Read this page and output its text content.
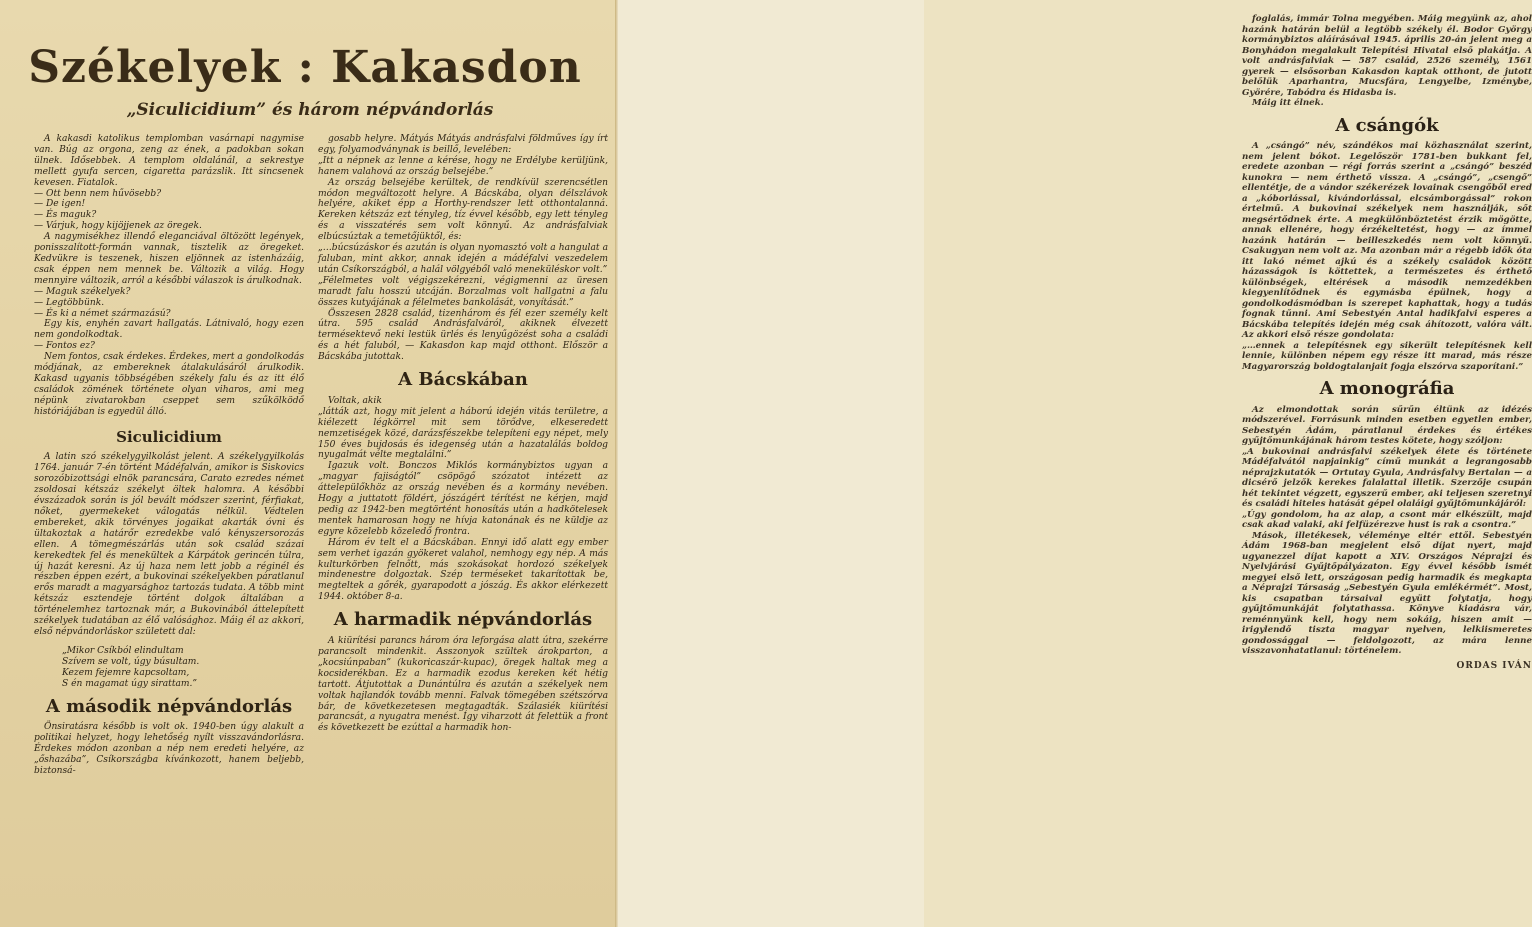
Székelyek : Kakasdon
„Siculicidium” és három népvándorlás

A kakasdi katolikus templomban vasárnapi nagymise van. Búg az orgona, zeng az ének, a padokban sokan ülnek. Idősebbek. A templom oldalánál, a sekrestye mellett gyufa sercen, cigaretta parázslik. Itt sincsenek kevesen. Fiatalok.

— Ott benn nem hűvösebb?

— De igen!

— És maguk?

— Várjuk, hogy kijöjjenek az öregek.

A nagymisékhez illendő eleganciával öltözött legények, ponisszalított-formán vannak, tisztelik az öregeket. Kedvükre is teszenek, hiszen eljönnek az istenházáig, csak éppen nem mennek be. Változik a világ. Hogy mennyire változik, arról a későbbi válaszok is árulkodnak.

— Maguk székelyek?

— Legtöbbünk.

— És ki a német származású?

Egy kis, enyhén zavart hallgatás. Látnivaló, hogy ezen nem gondolkodtak.

— Fontos ez?

Nem fontos, csak érdekes. Érdekes, mert a gondolkodás módjának, az embereknek átalakulásáról árulkodik. Kakasd ugyanis többségében székely falu és az itt élő családok zömének története olyan viharos, ami meg népünk zivatarokban cseppet sem szűkölködő históriájában is egyedül álló.

Siculicidium

A latin szó székelygyilkolást jelent. A székelygyilkolás 1764. január 7-én történt Mádéfalván, amikor is Siskovics sorozóbizottsági elnök parancsára, Carato ezredes német zsoldosai kétszáz székelyt öltek halomra. A későbbi évszázadok során is jól bevált módszer szerint, férfiakat, nőket, gyermekeket válogatás nélkül. Védtelen embereket, akik törvényes jogaikat akarták óvni és ültakoztak a határőr ezredekbe való kényszersorozás ellen. A tömegmészárlás után sok család százai kerekedtek fel és menekültek a Kárpátok gerincén túlra, új hazát keresni. Az új haza nem lett jobb a réginél és részben éppen ezért, a bukovinai székelyekben páratlanul erős maradt a magyarsághoz tartozás tudata. A több mint kétszáz esztendeje történt dolgok általában a történelemhez tartoznak már, a Bukovinából áttelepített székelyek tudatában az élő valósághoz. Máig él az akkori, első népvándorláskor született dal:

„Mikor Csíkból elindultam
Szívem se volt, úgy búsultam.
Kezem fejemre kapcsoltam,
S én magamat úgy sirattam.”
A második népvándorlás

Önsiratásra később is volt ok. 1940-ben úgy alakult a politikai helyzet, hogy lehetőség nyílt visszavándorlásra. Érdekes módon azonban a nép nem eredeti helyére, az „őshazába”, Csíkországba kívánkozott, hanem beljebb, biztonsá-

gosabb helyre. Mátyás Mátyás andrásfalvi földműves így írt egy, folyamodványnak is beillő, levelében:

„Itt a népnek az lenne a kérése, hogy ne Erdélybe kerüljünk, hanem valahová az ország belsejébe.”

Az ország belsejébe kerültek, de rendkívül szerencsétlen módon megváltozott helyre. A Bácskába, olyan délszlávok helyére, akiket épp a Horthy-rendszer lett otthontalanná. Kereken kétszáz ezt tényleg, tíz évvel később, egy lett tényleg és a visszatérés sem volt könnyű. Az andrásfalviak elbúcsúztak a temetőjüktől, és:

„…búcsúzáskor és azután is olyan nyomasztó volt a hangulat a faluban, mint akkor, annak idején a mádéfalvi veszedelem után Csíkországból, a halál völgyéből való meneküléskor volt.”

„Félelmetes volt végigszekérezni, végigmenni az üresen maradt falu hosszú utcáján. Borzalmas volt hallgatni a falu összes kutyájának a félelmetes bankolását, vonyítását.”

Összesen 2828 család, tizenhárom és fél ezer személy kelt útra. 595 család Andrásfalváról, akiknek élvezett termésektevő neki lestük ürlés és lenyűgözést soha a családi és a hét faluból, — Kakasdon kap majd otthont. Először a Bácskába jutottak.

A Bácskában

Voltak, akik

„látták azt, hogy mit jelent a háború idején vitás területre, a kiélezett légkörrel mit sem törődve, elkeseredett nemzetiségek közé, darázsfészekbe telepíteni egy népet, mely 150 éves bujdosás és idegenség után a hazatalálás boldog nyugalmát vélte megtalálni.”

Igazuk volt. Bonczos Miklós kormánybiztos ugyan a „magyar fajiságtól” csöpögő szózatot intézett az áttelepülőkhöz az ország nevében és a kormány nevében. Hogy a juttatott földért, jószágért térítést ne kérjen, majd pedig az 1942-ben megtörtént honosítás után a hadkötelesek mentek hamarosan hogy ne hívja katonának és ne küldje az egyre közelebb közeledő frontra.

Három év telt el a Bácskában. Ennyi idő alatt egy ember sem verhet igazán gyökeret valahol, nemhogy egy nép. A más kulturkörben felnőtt, más szokásokat hordozó székelyek mindenestre dolgoztak. Szép terméseket takarítottak be, megteltek a gőrék, gyarapodott a jószág. És akkor elérkezett 1944. október 8-a.

A harmadik népvándorlás

A kiürítési parancs három óra leforgása alatt útra, szekérre parancsolt mindenkit. Asszonyok szültek árokparton, a „kocsiúnpaban” (kukoricaszár-kupac), öregek haltak meg a kocsiderékban. Ez a harmadik ezodus kereken két hétig tartott. Átjutottak a Dunántúlra és azután a székelyek nem voltak hajlandók tovább menni. Falvak tömegében szétszórva bár, de következetesen megtagadták. Szálasiék kiürítési parancsát, a nyugatra menést. Így viharzott át felettük a front és következett be ezúttal a harmadik hon-

foglalás, immár Tolna megyében. Máig megyünk az, ahol hazánk határán belül a legtöbb székely él. Bodor György kormánybiztos aláírásával 1945. április 20-án jelent meg a Bonyhádon megalakult Telepítési Hivatal első plakátja. A volt andrásfalviak — 587 család, 2526 személy, 1561 gyerek — elsősorban Kakasdon kaptak otthont, de jutott belőlük Aparhantra, Mucsfára, Lengyelbe, Izménybe, Györére, Tabódra és Hidasba is.

Máig itt élnek.

A csángók

A „csángó” név, szándékos mai közhasználat szerint, nem jelent bókot. Legelőször 1781-ben bukkant fel, eredete azonban — régi forrás szerint a „csángó” beszéd kunokra — nem érthető vissza. A „csángó”, „csengő” ellentétje, de a vándor székerézek lovainak csengőből ered a „kóborlással, kivándorlással, elcsámborgással” rokon értelmű. A bukovinai székelyek nem használják, sőt megsértődnek érte. A megkülönböztetést érzik mögötte, annak ellenére, hogy érzékeltetést, hogy — az ímmel hazánk határán — beilleszkedés nem volt könnyű. Csakugyan nem volt az. Ma azonban már a régebb idők óta itt lakó német ajkú és a székely családok között házasságok is köttettek, a természetes és érthető különbségek, eltérések a második nemzedékben kiegyenlítődnek és egymásba épülnek, hogy a gondolkodásmódban is szerepet kaphattak, hogy a tudás fognak tűnni. Ami Sebestyén Antal hadikfalvi esperes a Bácskába telepítés idején még csak áhítozott, valóra vált. Az akkori első része gondolata:

„…ennek a telepítésnek egy sikerült telepítésnek kell lennie, különben népem egy része itt marad, más része Magyarország boldogtalanjait fogja elszórva szaporítani.”

A monográfia

Az elmondottak során sűrűn éltünk az idézés módszerével. Forrásunk minden esetben egyetlen ember, Sebestyén Ádám, páratlanul érdekes és értékes gyűjtőmunkájának három testes kötete, hogy szóljon:

„A bukovinai andrásfalvi székelyek élete és története Mádéfalvától napjainkig” című munkát a legrangosabb néprajzkutatók — Ortutay Gyula, Andrásfalvy Bertalan — a dicsérő jelzők kerekes falalattal illetik. Szerzője csupán hét tekintet végzett, egyszerű ember, aki teljesen szeretnyi és családi hiteles hatását gépel olaláigi gyűjtőmunkájáról:

„Úgy gondolom, ha az alap, a csont már elkészült, majd csak akad valaki, aki felfüzérezve hust is rak a csontra.”

Mások, illetékesek, véleménye eltér ettől. Sebestyén Ádám 1968-ban megjelent első díjat nyert, majd ugyanezzel díjat kapott a XIV. Országos Néprajzi és Nyelvjárási Gyűjtőpályázaton. Egy évvel később ismét megyei első lett, országosan pedig harmadik és megkapta a Néprajzi Társaság „Sebestyén Gyula emlékérmét”. Most, kis csapatban társaival együtt folytatja, hogy gyűjtőmunkáját folytathassa. Könyve kiadásra vár, reménnyünk kell, hogy nem sokáig, hiszen amit — irigylendő tiszta magyar nyelven, lelkiismeretes gondossággal — feldolgozott, az mára lenne visszavonhatatlanul: történelem.

ORDAS IVÁN
